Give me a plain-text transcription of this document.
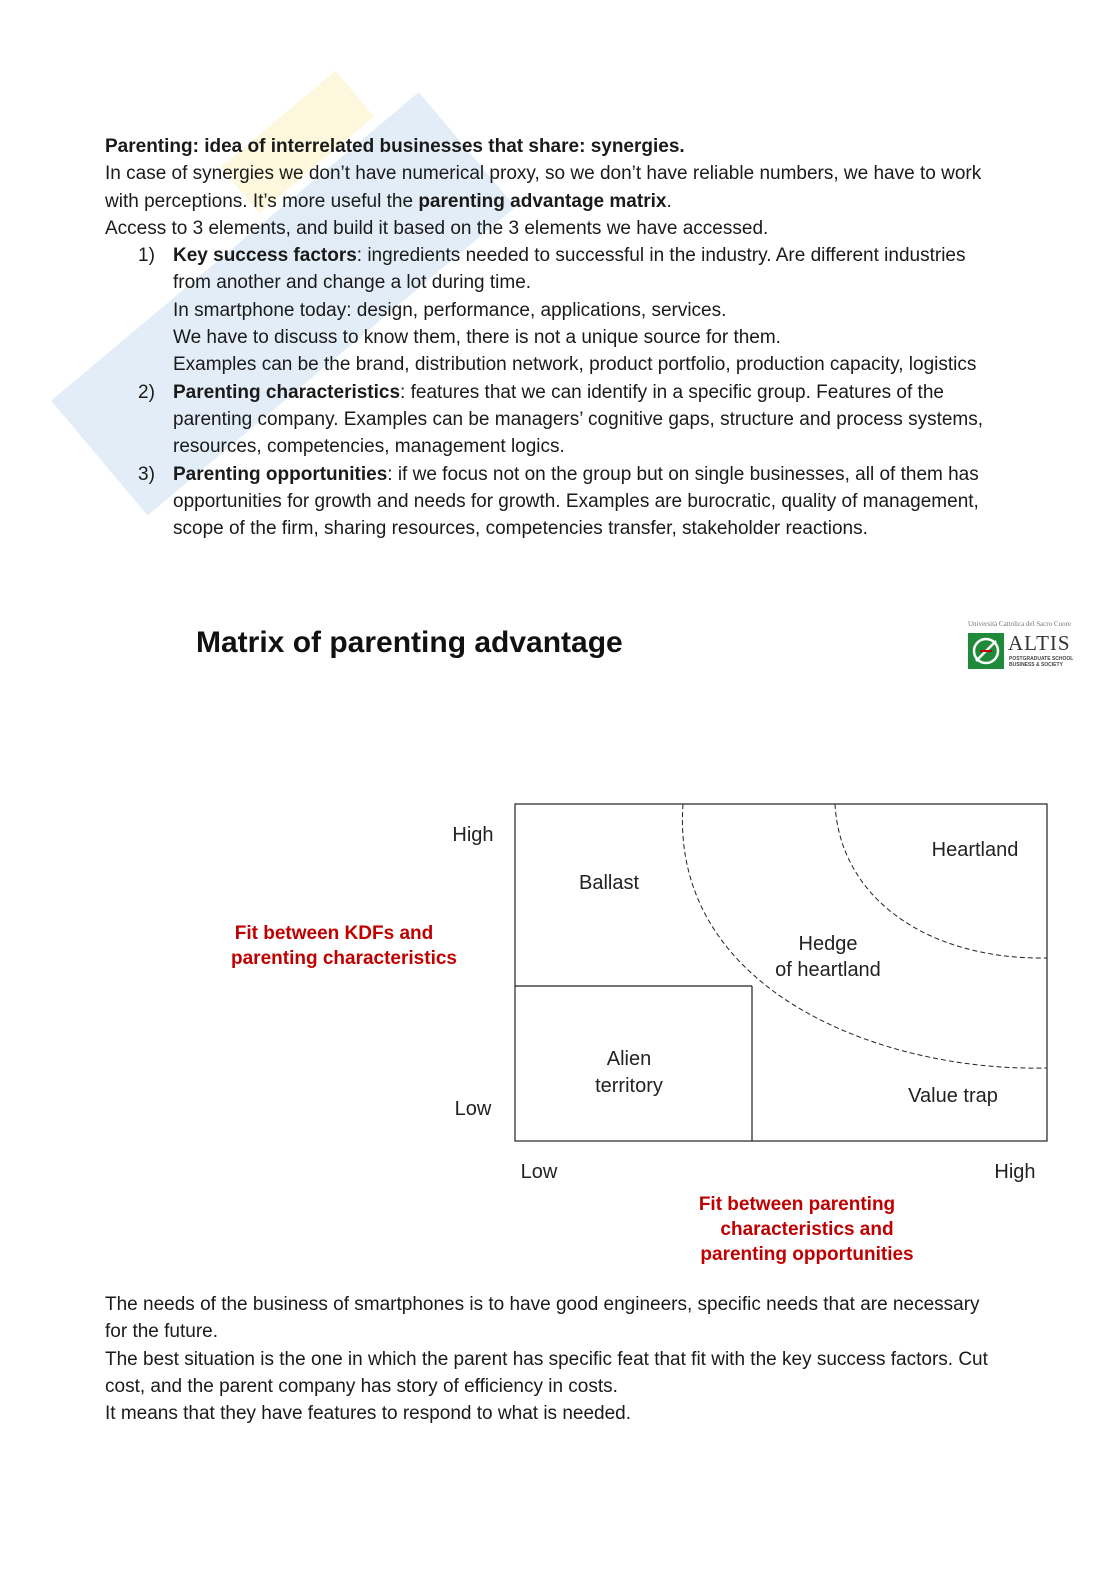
Parenting: idea of interrelated businesses that share: synergies.

In case of synergies we don’t have numerical proxy, so we don’t have reliable numbers, we have to work with perceptions. It’s more useful the parenting advantage matrix.

Access to 3 elements, and build it based on the 3 elements we have accessed.

1) Key success factors: ingredients needed to successful in the industry. Are different industries from another and change a lot during time.
In smartphone today: design, performance, applications, services.
We have to discuss to know them, there is not a unique source for them.
Examples can be the brand, distribution network, product portfolio, production capacity, logistics
2) Parenting characteristics: features that we can identify in a specific group. Features of the parenting company. Examples can be managers’ cognitive gaps, structure and process systems, resources, competencies, management logics.
3) Parenting opportunities: if we focus not on the group but on single businesses, all of them has opportunities for growth and needs for growth. Examples are burocratic, quality of management, scope of the firm, sharing resources, competencies transfer, stakeholder reactions.
Matrix of parenting advantage
Università Cattolica del Sacro Cuore
ALTIS
POSTGRADUATE SCHOOL
BUSINESS & SOCIETY
Ballast
Heartland
Hedge
of heartland
Alien
territory	Value trap
High
Low
Fit between KDFs and
parenting characteristics
Low	High
Fit between parenting
characteristics and
parenting opportunities

The needs of the business of smartphones is to have good engineers, specific needs that are necessary for the future.

The best situation is the one in which the parent has specific feat that fit with the key success factors. Cut cost, and the parent company has story of efficiency in costs.

It means that they have features to respond to what is needed.
